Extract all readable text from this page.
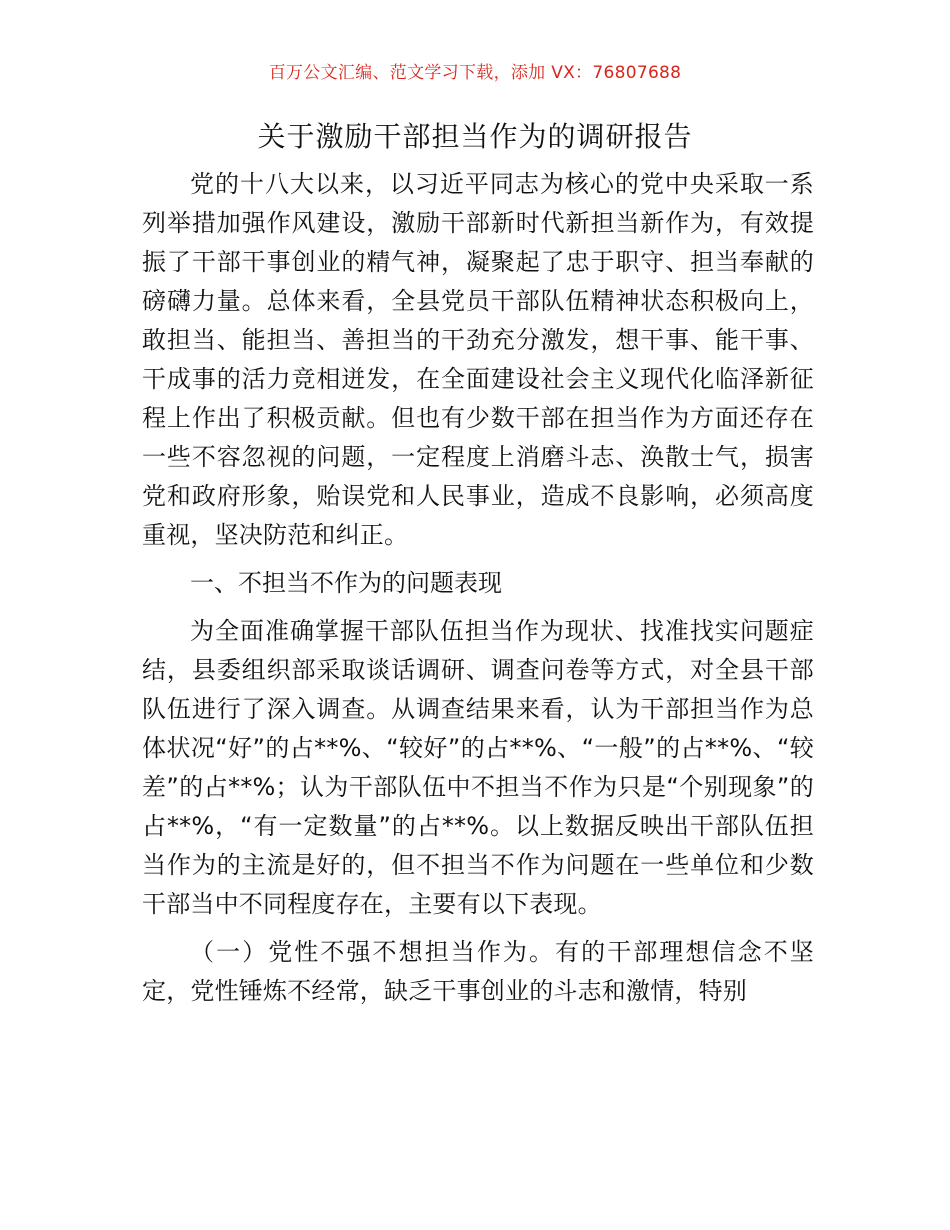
百万公文汇编、范文学习下载，添加 VX：76807688
关于激励干部担当作为的调研报告

党的十八大以来，以习近平同志为核心的党中央采取一系列举措加强作风建设，激励干部新时代新担当新作为，有效提振了干部干事创业的精气神，凝聚起了忠于职守、担当奉献的磅礴力量。总体来看，全县党员干部队伍精神状态积极向上，敢担当、能担当、善担当的干劲充分激发，想干事、能干事、干成事的活力竞相迸发，在全面建设社会主义现代化临泽新征程上作出了积极贡献。但也有少数干部在担当作为方面还存在一些不容忽视的问题，一定程度上消磨斗志、涣散士气，损害党和政府形象，贻误党和人民事业，造成不良影响，必须高度重视，坚决防范和纠正。

一、不担当不作为的问题表现

为全面准确掌握干部队伍担当作为现状、找准找实问题症结，县委组织部采取谈话调研、调查问卷等方式，对全县干部队伍进行了深入调查。从调查结果来看，认为干部担当作为总体状况“好”的占**%、“较好”的占**%、“一般”的占**%、“较差”的占**%；认为干部队伍中不担当不作为只是“个别现象”的占**%，“有一定数量”的占**%。以上数据反映出干部队伍担当作为的主流是好的，但不担当不作为问题在一些单位和少数干部当中不同程度存在，主要有以下表现。

（一）党性不强不想担当作为。有的干部理想信念不坚定，党性锤炼不经常，缺乏干事创业的斗志和激情，特别
